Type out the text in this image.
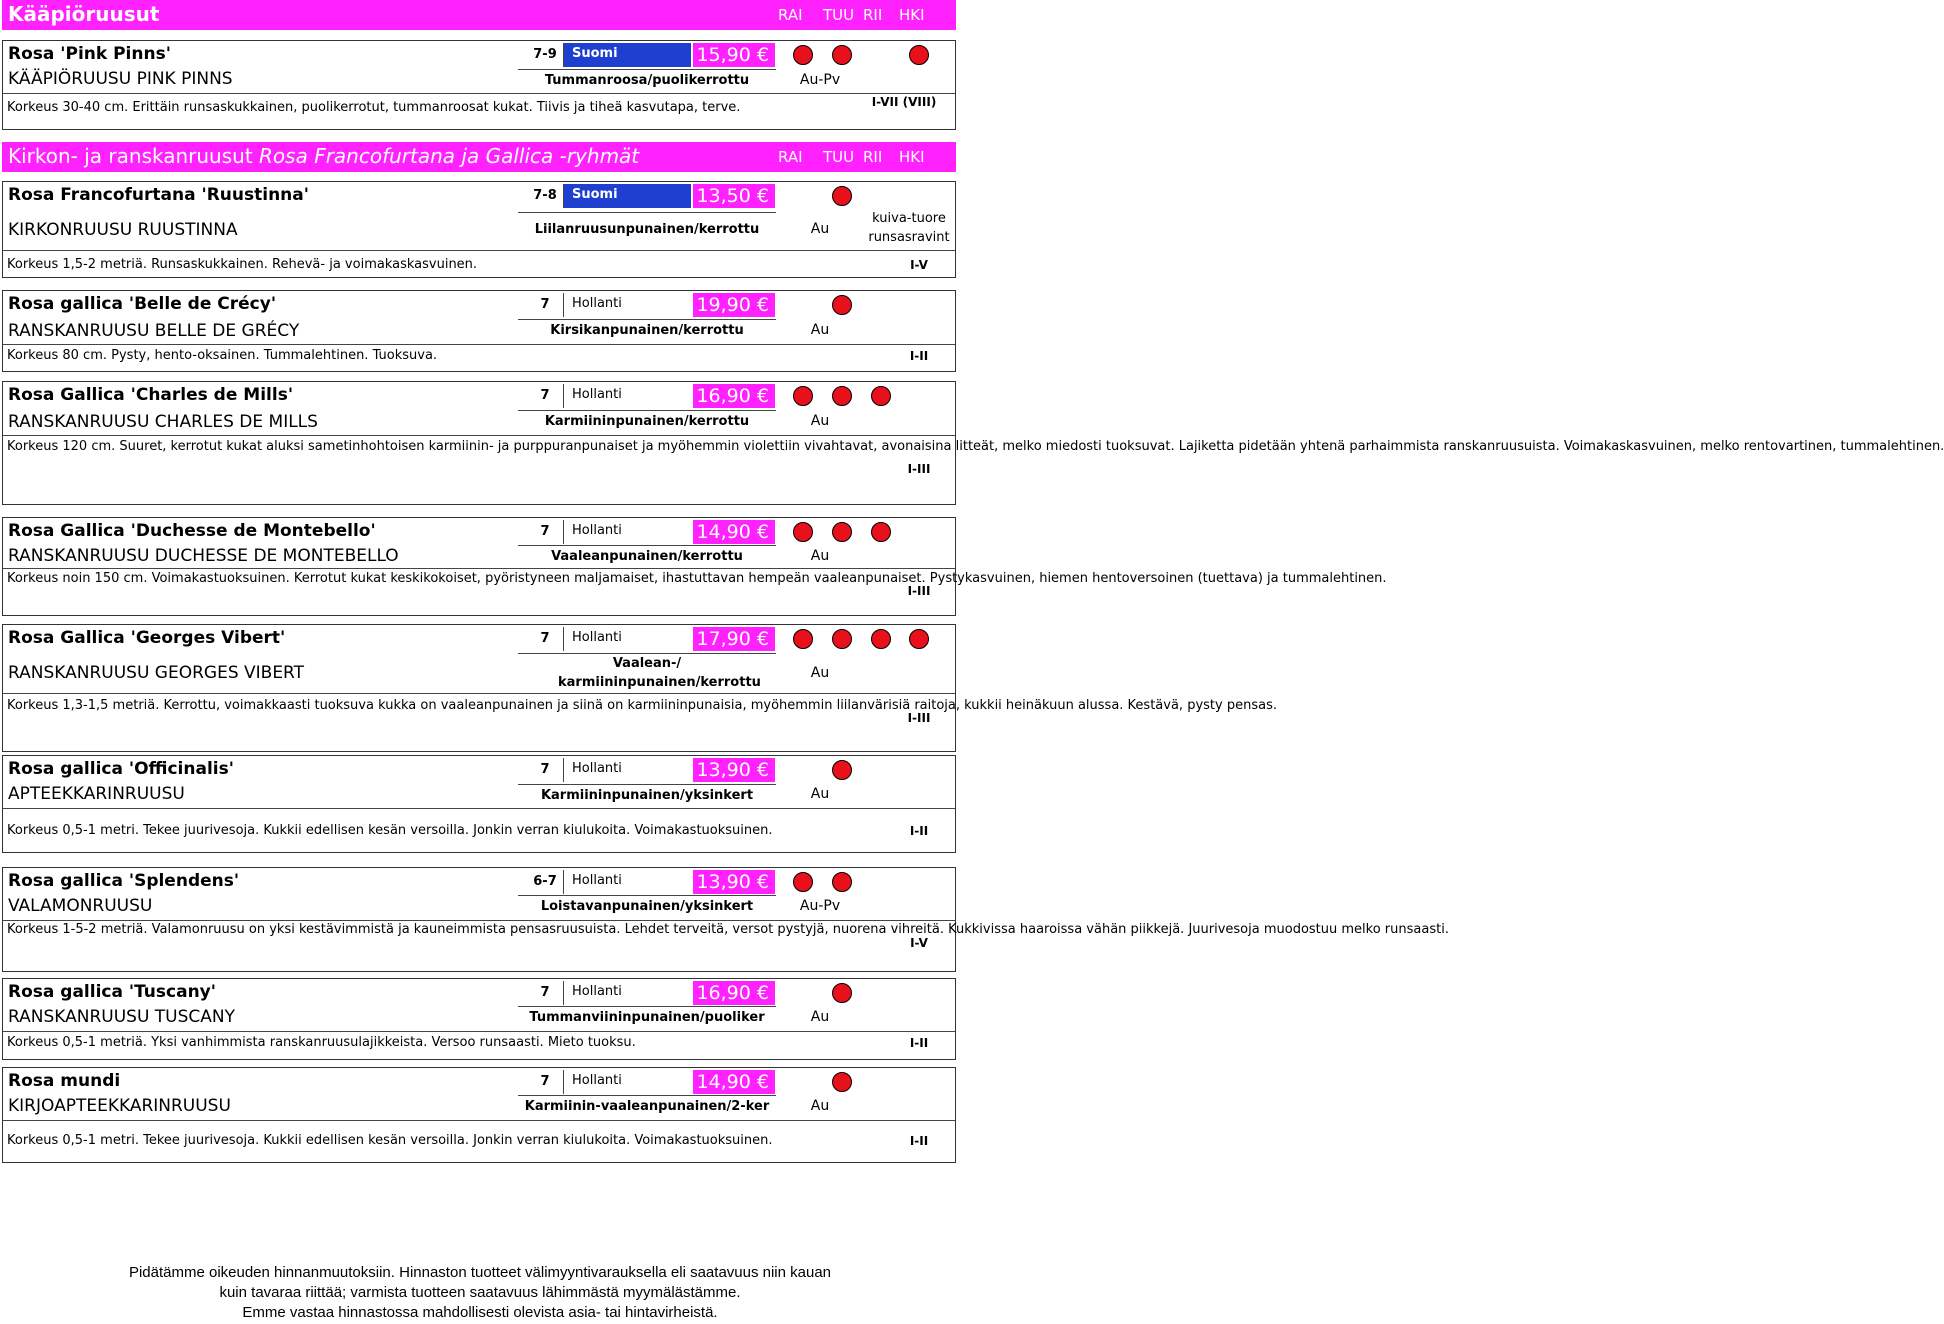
Kääpiöruusut	RAI TUU RII HKI
Rosa 'Pink Pinns'	7-9	Suomi	15,90 €
KÄÄPIÖRUUSU PINK PINNS	Tummanroosa/puolikerrottu	Au-Pv
Korkeus 30-40 cm. Erittäin runsaskukkainen, puolikerrotut, tummanroosat kukat. Tiivis ja tiheä kasvutapa, terve.	I-VII (VIII)
Kirkon- ja ranskanruusut Rosa Francofurtana ja Gallica -ryhmät	RAI TUU RII HKI
Rosa Francofurtana 'Ruustinna'	7-8	Suomi	13,50 €
KIRKONRUUSU RUUSTINNA	Liilanruusunpunainen/kerrottu	Au
kuiva-tuore runsasravint
Korkeus 1,5-2 metriä. Runsaskukkainen. Rehevä- ja voimakaskasvuinen.	I-V
Rosa gallica 'Belle de Crécy'	7	Hollanti	19,90 €
RANSKANRUUSU BELLE DE GRÉCY	Kirsikanpunainen/kerrottu	Au
Korkeus 80 cm. Pysty, hento-oksainen. Tummalehtinen. Tuoksuva.	I-II
Rosa Gallica 'Charles de Mills'	7	Hollanti	16,90 €
RANSKANRUUSU CHARLES DE MILLS	Karmiininpunainen/kerrottu	Au
Korkeus 120 cm. Suuret, kerrotut kukat aluksi sametinhohtoisen karmiinin- ja purppuranpunaiset ja myöhemmin violettiin vivahtavat, avonaisina litteät, melko miedosti tuoksuvat. Lajiketta pidetään yhtenä parhaimmista ranskanruusuista. Voimakaskasvuinen, melko rentovartinen, tummalehtinen.
I-III
Rosa Gallica 'Duchesse de Montebello'	7	Hollanti	14,90 €
RANSKANRUUSU DUCHESSE DE MONTEBELLO	Vaaleanpunainen/kerrottu	Au
Korkeus noin 150 cm. Voimakastuoksuinen. Kerrotut kukat keskikokoiset, pyöristyneen maljamaiset, ihastuttavan hempeän vaaleanpunaiset. Pystykasvuinen, hiemen hentoversoinen (tuettava) ja tummalehtinen.
I-III
Rosa Gallica 'Georges Vibert'	7	Hollanti	17,90 €
RANSKANRUUSU GEORGES VIBERT	Vaalean-/ karmiininpunainen/kerrottu
Au
Korkeus 1,3-1,5 metriä. Kerrottu, voimakkaasti tuoksuva kukka on vaaleanpunainen ja siinä on karmiininpunaisia, myöhemmin liilanvärisiä raitoja, kukkii heinäkuun alussa. Kestävä, pysty pensas.
I-III
Rosa gallica 'Officinalis'	7	Hollanti	13,90 €
APTEEKKARINRUUSU	Karmiininpunainen/yksinkert	Au
Korkeus 0,5-1 metri. Tekee juurivesoja. Kukkii edellisen kesän versoilla. Jonkin verran kiulukoita. Voimakastuoksuinen.	I-II
Rosa gallica 'Splendens'	6-7	Hollanti	13,90 €
VALAMONRUUSU	Loistavanpunainen/yksinkert	Au-Pv
Korkeus 1-5-2 metriä. Valamonruusu on yksi kestävimmistä ja kauneimmista pensasruusuista. Lehdet terveitä, versot pystyjä, nuorena vihreitä. Kukkivissa haaroissa vähän piikkejä. Juurivesoja muodostuu melko runsaasti.
I-V
Rosa gallica 'Tuscany'	7	Hollanti	16,90 €
RANSKANRUUSU TUSCANY	Tummanviininpunainen/puoliker	Au
Korkeus 0,5-1 metriä. Yksi vanhimmista ranskanruusulajikkeista. Versoo runsaasti. Mieto tuoksu.	I-II
Rosa mundi	7	Hollanti	14,90 €
KIRJOAPTEEKKARINRUUSU	Karmiinin-vaaleanpunainen/2-ker	Au
Korkeus 0,5-1 metri. Tekee juurivesoja. Kukkii edellisen kesän versoilla. Jonkin verran kiulukoita. Voimakastuoksuinen.	I-II
Pidätämme oikeuden hinnanmuutoksiin. Hinnaston tuotteet välimyyntivarauksella eli saatavuus niin kauan
kuin tavaraa riittää; varmista tuotteen saatavuus lähimmästä myymälästämme.
Emme vastaa hinnastossa mahdollisesti olevista asia- tai hintavirheistä.
